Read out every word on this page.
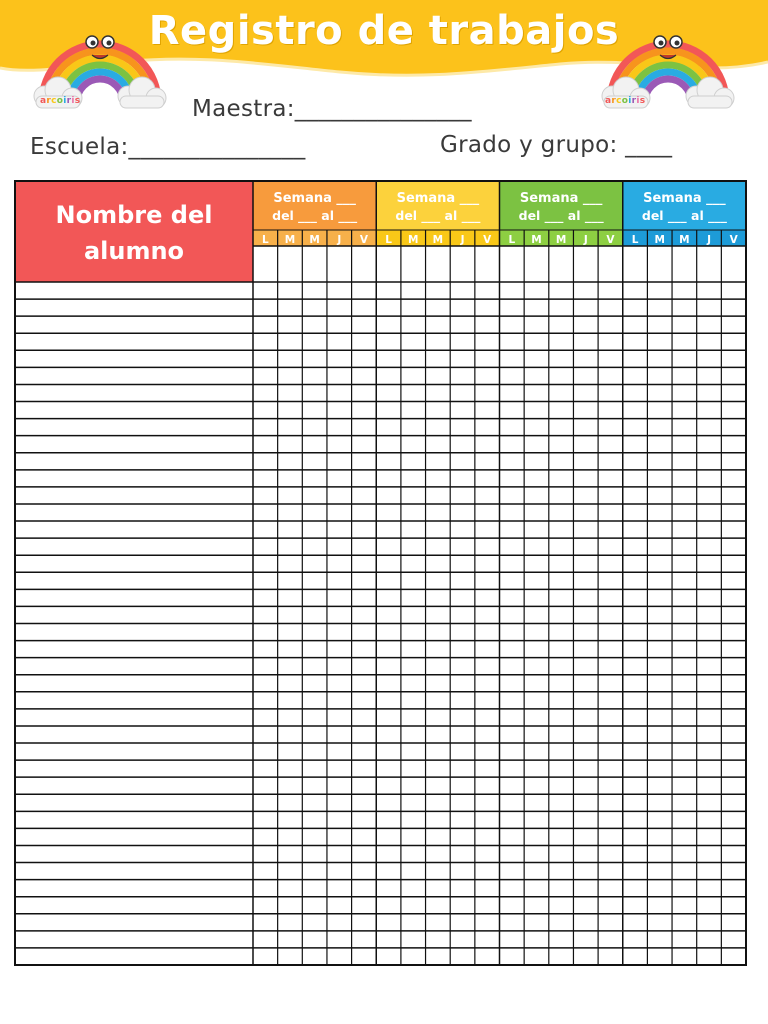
Registro de trabajos
arcoiris	arcoiris
Maestra:_______________
Escuela:_______________	Grado y grupo: ____
Nombre del
alumno
Semana ___
del ___ al ___
L M M J V
Semana ___
del ___ al ___
L M M J V
Semana ___
del ___ al ___
L M M J V
Semana ___
del ___ al ___
L M M J V
